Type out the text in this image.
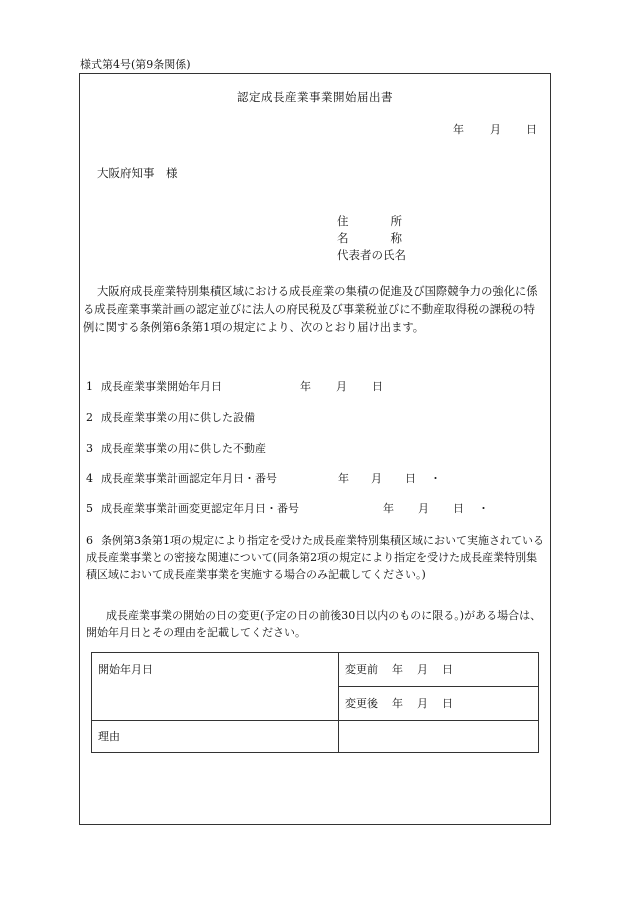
様式第4号(第9条関係)
認定成長産業事業開始届出書
年 月 日
大阪府知事　様
住	所
名	称
代表者の氏名
大阪府成長産業特別集積区域における成長産業の集積の促進及び国際競争力の強化に係る成長産業事業計画の認定並びに法人の府民税及び事業税並びに不動産取得税の課税の特例に関する条例第6条第1項の規定により、次のとおり届け出ます。
1 成長産業事業開始年月日	年 月 日
2 成長産業事業の用に供した設備
3 成長産業事業の用に供した不動産
4 成長産業事業計画認定年月日・番号	年 月 日 ・
5 成長産業事業計画変更認定年月日・番号	年 月 日 ・
6 条例第3条第1項の規定により指定を受けた成長産業特別集積区域において実施されている成長産業事業との密接な関連について(同条第2項の規定により指定を受けた成長産業特別集積区域において成長産業事業を実施する場合のみ記載してください。)
成長産業事業の開始の日の変更(予定の日の前後30日以内のものに限る。)がある場合は、開始年月日とその理由を記載してください。
開始年月日	変更前 年 月 日
	変更後 年 月 日
理由	
